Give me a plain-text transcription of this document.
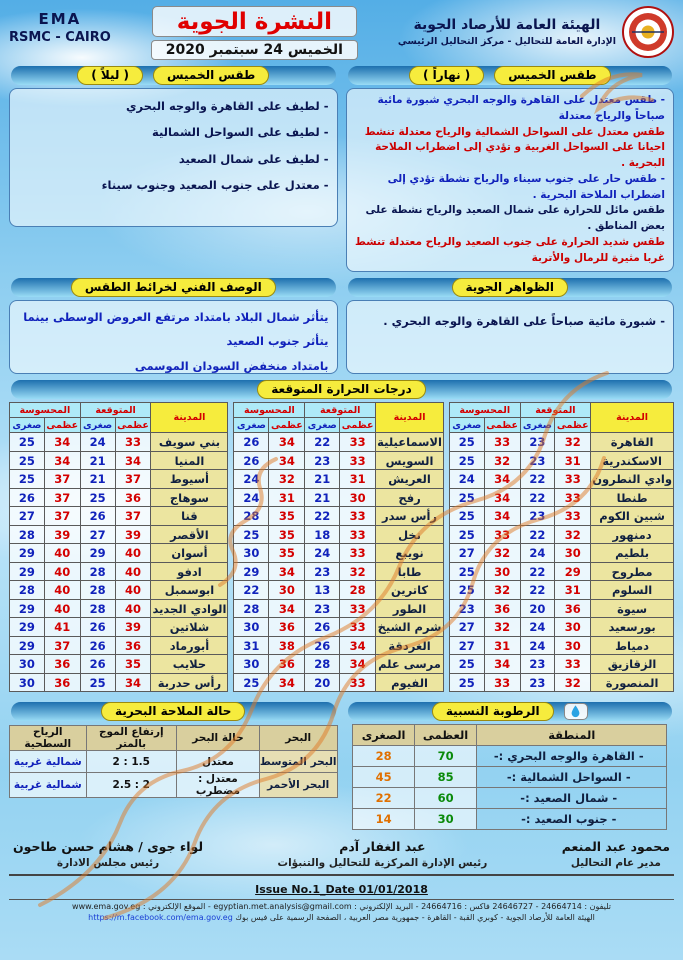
الهيئة العامة للأرصاد الجوية
الإدارة العامة للتحاليل - مركز التحاليل الرئيسي
النشرة الجوية

الخميس 24 سبتمبر 2020
EMA
RSMC - CAIRO
طقس الخميس
( نهاراً )
- طقس معتدل على القاهرة والوجه البحري شبورة مائية صباحاً والرياح معتدلة
طقس معتدل على السواحل الشمالية والرياح معتدلة تنشط احيانا على السواحل الغربية و تؤدي إلى اضطراب الملاحة البحرية .
- طقس حار على جنوب سيناء والرياح نشطة تؤدي إلى اضطراب الملاحة البحرية .
طقس مائل للحرارة على شمال الصعيد والرياح نشطة على بعض المناطق .
طقس شديد الحرارة على جنوب الصعيد والرياح معتدلة تنشط غربا مثيرة للرمال والأتربة
طقس الخميس
( ليلاً )
- لطيف على القاهرة والوجه البحري
- لطيف على السواحل الشمالية
- لطيف على شمال الصعيد
- معتدل على جنوب الصعيد وجنوب سيناء
الظواهر الجوية
- شبورة مائية صباحاً على القاهرة والوجه البحري .
الوصف الفني لخرائط الطقس
يتأثر شمال البلاد بامتداد مرتفع العروض الوسطى بينما يتأثر جنوب الصعيد
بامتداد منخفض السودان الموسمى
درجات الحرارة المتوقعة
المدينة	المتوقعة		المحسوسة	
	عظمى	صغرى	عظمى	صغرى
القاهرة	32	23	33	25
الاسكندرية	31	23	32	25
وادي النطرون	33	22	34	24
طنطا	33	22	34	25
شبين الكوم	33	23	34	25
دمنهور	32	22	33	25
بلطيم	30	24	32	27
مطروح	29	22	30	25
السلوم	31	22	32	25
سيوة	36	20	36	23
بورسعيد	30	24	32	27
دمياط	30	24	31	27
الزقازيق	33	23	34	25
المنصورة	32	23	33	25
المدينة	المتوقعة		المحسوسة	
	عظمى	صغرى	عظمى	صغرى
الاسماعيلية	33	22	34	26
السويس	33	23	34	26
العريش	31	21	32	24
رفح	30	21	31	24
رأس سدر	33	22	35	28
نخل	33	18	35	25
نويبع	33	24	35	30
طابا	32	23	34	29
كاترين	28	13	30	22
الطور	33	23	34	28
شرم الشيخ	33	26	36	30
الغردقة	34	26	38	31
مرسى علم	34	28	36	30
الفيوم	33	20	34	25
المدينة	المتوقعة		المحسوسة	
	عظمى	صغرى	عظمى	صغرى
بني سويف	33	24	34	25
المنيا	34	21	34	25
أسيوط	37	21	37	25
سوهاج	36	25	37	26
قنا	37	26	37	27
الأقصر	39	27	39	28
أسوان	40	29	40	29
ادفو	40	28	40	29
ابوسمبل	40	28	40	28
الوادي الجديد	40	28	40	29
شلاتين	39	26	41	29
أبورماد	36	26	37	29
حلايب	35	26	36	30
رأس حدربة	34	25	36	30
الرطوبة النسبية
المنطقة	العظمى	الصغرى
- القاهرة والوجه البحري :-	70	28
- السواحل الشمالية :-	85	45
- شمال الصعيد :-	60	22
- جنوب الصعيد :-	30	14
حالة الملاحة البحرية
البحر	حالة البحر	إرتفاع الموج بالمتر	الرياح السطحية
البحر المتوسط	معتدل	1.5 : 2	شمالية غربية
البحر الأحمر	معتدل : مضطرب	2 : 2.5	شمالية غربية
محمود عبد المنعم
مدير عام التحاليل
عبد الغفار آدم
رئيس الإدارة المركزية للتحاليل والتنبؤات
لواء جوى / هشام حسن طاحون
رئيس مجلس الادارة
Issue No.1_Date 01/01/2018
تليفون : 24664714 - 24646727 فاكس : 24664716 - البريد الإلكتروني : egyptian.met.analysis@gmail.com - الموقع الإلكتروني : www.ema.gov.eg
الهيئة العامة للأرصاد الجوية - كوبري القبة - القاهرة - جمهورية مصر العربية ، الصفحة الرسمية على فيس بوك https://m.facebook.com/ema.gov.eg
